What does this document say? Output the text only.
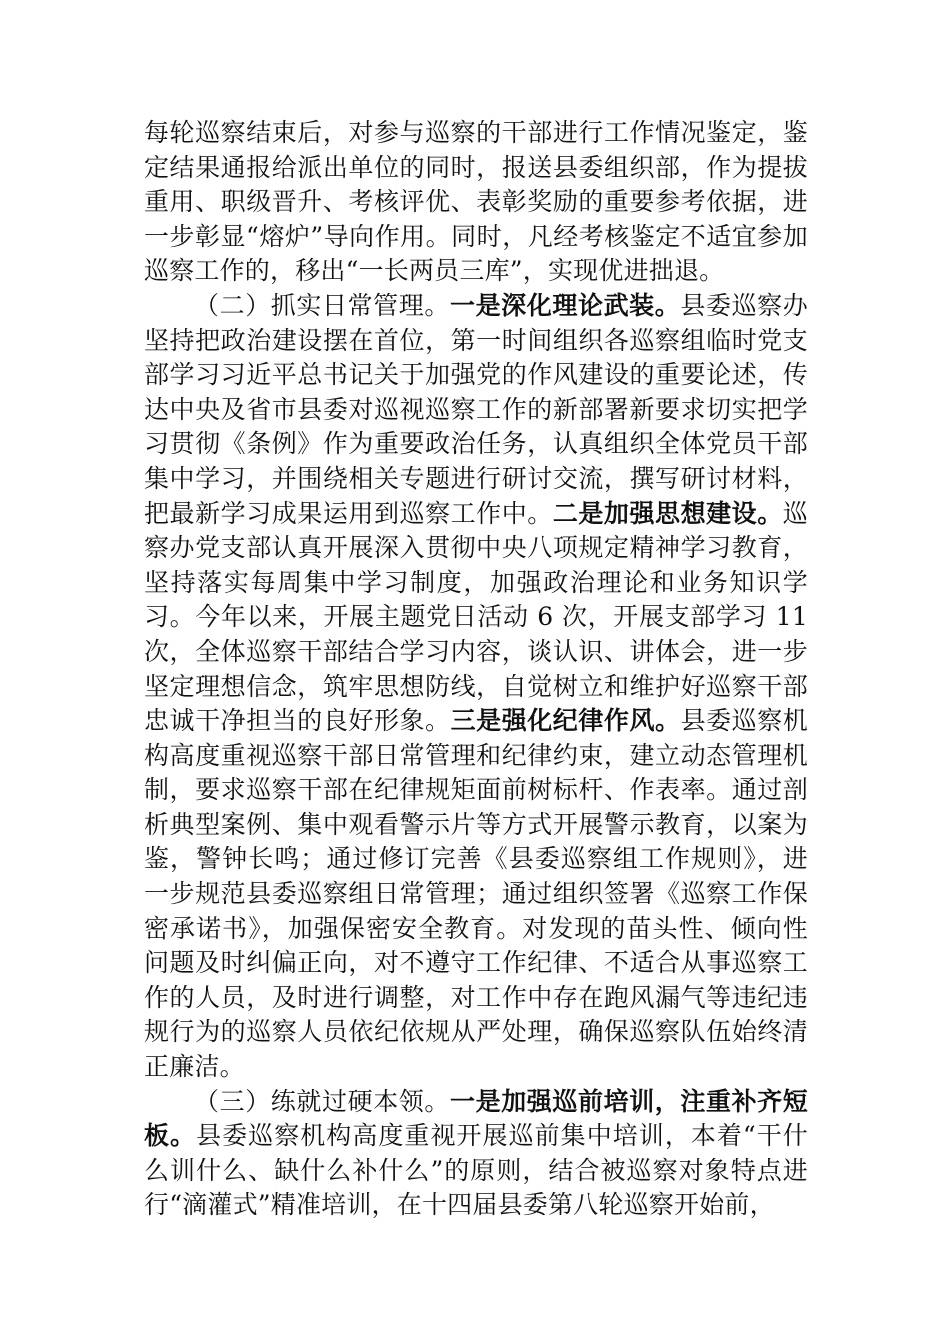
每轮巡察结束后，对参与巡察的干部进行工作情况鉴定，鉴定结果通报给派出单位的同时，报送县委组织部，作为提拔重用、职级晋升、考核评优、表彰奖励的重要参考依据，进一步彰显“熔炉”导向作用。同时，凡经考核鉴定不适宜参加巡察工作的，移出“一长两员三库”，实现优进拙退。

（二）抓实日常管理。一是深化理论武装。县委巡察办坚持把政治建设摆在首位，第一时间组织各巡察组临时党支部学习习近平总书记关于加强党的作风建设的重要论述，传达中央及省市县委对巡视巡察工作的新部署新要求切实把学习贯彻《条例》作为重要政治任务，认真组织全体党员干部集中学习，并围绕相关专题进行研讨交流，撰写研讨材料，把最新学习成果运用到巡察工作中。二是加强思想建设。巡察办党支部认真开展深入贯彻中央八项规定精神学习教育，坚持落实每周集中学习制度，加强政治理论和业务知识学习。今年以来，开展主题党日活动 6 次，开展支部学习 11 次，全体巡察干部结合学习内容，谈认识、讲体会，进一步坚定理想信念，筑牢思想防线，自觉树立和维护好巡察干部忠诚干净担当的良好形象。三是强化纪律作风。县委巡察机构高度重视巡察干部日常管理和纪律约束，建立动态管理机制，要求巡察干部在纪律规矩面前树标杆、作表率。通过剖析典型案例、集中观看警示片等方式开展警示教育，以案为鉴，警钟长鸣；通过修订完善《县委巡察组工作规则》，进一步规范县委巡察组日常管理；通过组织签署《巡察工作保密承诺书》，加强保密安全教育。对发现的苗头性、倾向性问题及时纠偏正向，对不遵守工作纪律、不适合从事巡察工作的人员，及时进行调整，对工作中存在跑风漏气等违纪违规行为的巡察人员依纪依规从严处理，确保巡察队伍始终清正廉洁。

（三）练就过硬本领。一是加强巡前培训，注重补齐短板。县委巡察机构高度重视开展巡前集中培训，本着“干什么训什么、缺什么补什么”的原则，结合被巡察对象特点进行“滴灌式”精准培训，在十四届县委第八轮巡察开始前，
